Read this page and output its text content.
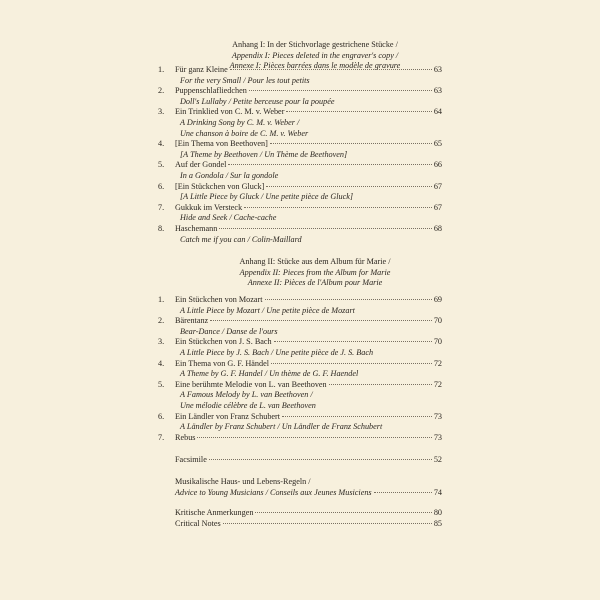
Anhang I: In der Stichvorlage gestrichene Stücke /
Appendix I: Pieces deleted in the engraver's copy /
Annexe I: Pièces barrées dans le modèle de gravure
1. Für ganz Kleine	63
For the very Small / Pour les tout petits
2. Puppenschlafliedchen	63
Doll's Lullaby / Petite berceuse pour la poupée
3. Ein Trinklied von C. M. v. Weber	64
A Drinking Song by C. M. v. Weber /
Une chanson à boire de C. M. v. Weber
4. [Ein Thema von Beethoven]	65
[A Theme by Beethoven / Un Thème de Beethoven]
5. Auf der Gondel	66
In a Gondola / Sur la gondole
6. [Ein Stückchen von Gluck]	67
[A Little Piece by Gluck / Une petite pièce de Gluck]
7. Gukkuk im Versteck	67
Hide and Seek / Cache-cache
8. Haschemann	68
Catch me if you can / Colin-Maillard
Anhang II: Stücke aus dem Album für Marie /
Appendix II: Pieces from the Album for Marie
Annexe II: Pièces de l'Album pour Marie
1. Ein Stückchen von Mozart	69
A Little Piece by Mozart / Une petite pièce de Mozart
2. Bärentanz	70
Bear-Dance / Danse de l'ours
3. Ein Stückchen von J. S. Bach	70
A Little Piece by J. S. Bach / Une petite pièce de J. S. Bach
4. Ein Thema von G. F. Händel	72
A Theme by G. F. Handel / Un thème de G. F. Haendel
5. Eine berühmte Melodie von L. van Beethoven	72
A Famous Melody by L. van Beethoven /
Une mélodie célèbre de L. van Beethoven
6. Ein Ländler von Franz Schubert	73
A Ländler by Franz Schubert / Un Ländler de Franz Schubert
7. Rebus	73
Facsimile	52
Musikalische Haus- und Lebens-Regeln /
Advice to Young Musicians / Conseils aux Jeunes Musiciens	74
Kritische Anmerkungen	80
Critical Notes	85
